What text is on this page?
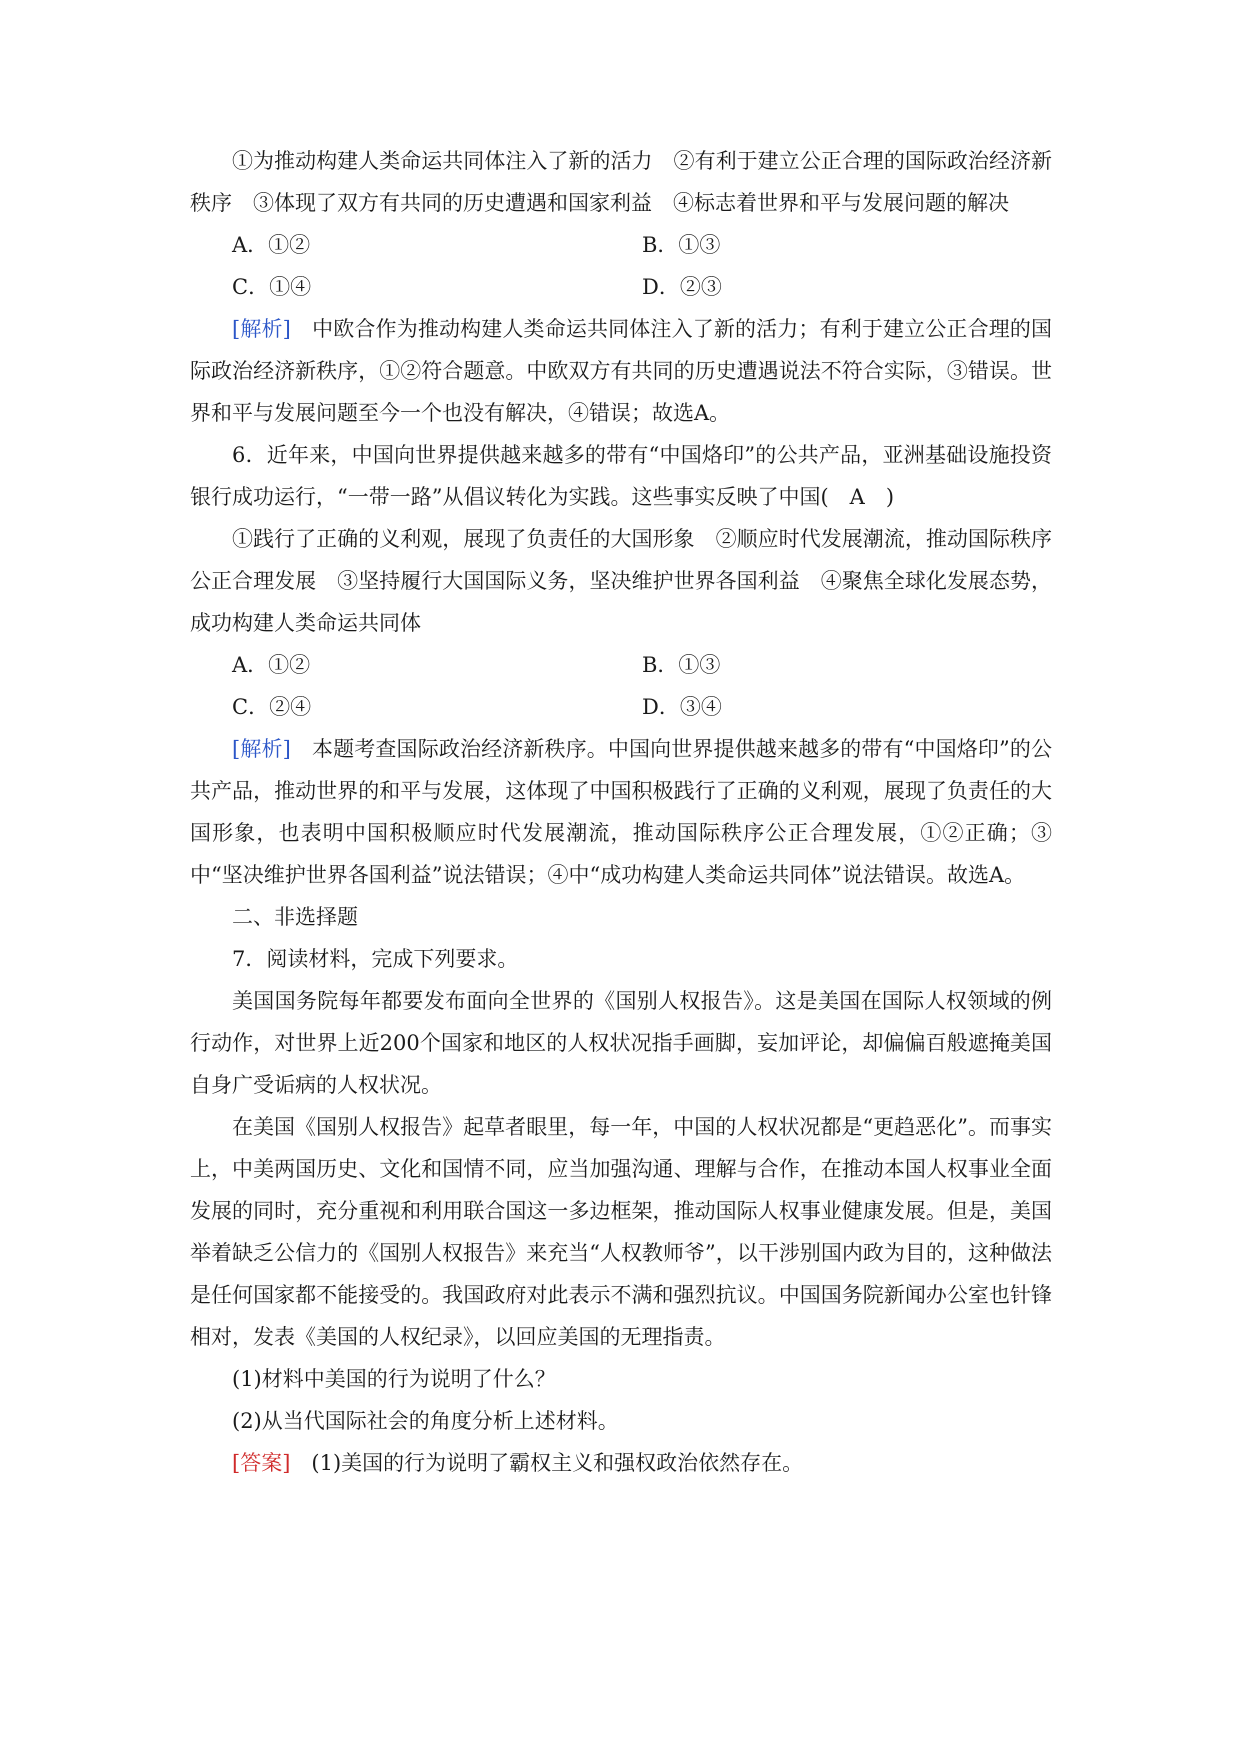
①为推动构建人类命运共同体注入了新的活力　②有利于建立公正合理的国际政治经济新秩序　③体现了双方有共同的历史遭遇和国家利益　④标志着世界和平与发展问题的解决

A．①②	B．①③
C．①④	D．②③

[解析]　 中欧合作为推动构建人类命运共同体注入了新的活力；有利于建立公正合理的国际政治经济新秩序，①②符合题意。中欧双方有共同的历史遭遇说法不符合实际，③错误。世界和平与发展问题至今一个也没有解决，④错误；故选A。

6．近年来，中国向世界提供越来越多的带有“中国烙印”的公共产品，亚洲基础设施投资银行成功运行，“一带一路”从倡议转化为实践。这些事实反映了中国(　A　)

①践行了正确的义利观，展现了负责任的大国形象　②顺应时代发展潮流，推动国际秩序公正合理发展　③坚持履行大国国际义务，坚决维护世界各国利益　④聚焦全球化发展态势，成功构建人类命运共同体

A．①②	B．①③
C．②④	D．③④

[解析]　 本题考查国际政治经济新秩序。中国向世界提供越来越多的带有“中国烙印”的公共产品，推动世界的和平与发展，这体现了中国积极践行了正确的义利观，展现了负责任的大国形象，也表明中国积极顺应时代发展潮流，推动国际秩序公正合理发展，①②正确；③中“坚决维护世界各国利益”说法错误；④中“成功构建人类命运共同体”说法错误。故选A。

二、非选择题

7．阅读材料，完成下列要求。

美国国务院每年都要发布面向全世界的《国别人权报告》。这是美国在国际人权领域的例行动作，对世界上近200个国家和地区的人权状况指手画脚，妄加评论，却偏偏百般遮掩美国自身广受诟病的人权状况。

在美国《国别人权报告》起草者眼里，每一年，中国的人权状况都是“更趋恶化”。而事实上，中美两国历史、文化和国情不同，应当加强沟通、理解与合作，在推动本国人权事业全面发展的同时，充分重视和利用联合国这一多边框架，推动国际人权事业健康发展。但是，美国举着缺乏公信力的《国别人权报告》来充当“人权教师爷”，以干涉别国内政为目的，这种做法是任何国家都不能接受的。我国政府对此表示不满和强烈抗议。中国国务院新闻办公室也针锋相对，发表《美国的人权纪录》，以回应美国的无理指责。

(1)材料中美国的行为说明了什么？

(2)从当代国际社会的角度分析上述材料。

[答案]　 (1)美国的行为说明了霸权主义和强权政治依然存在。
